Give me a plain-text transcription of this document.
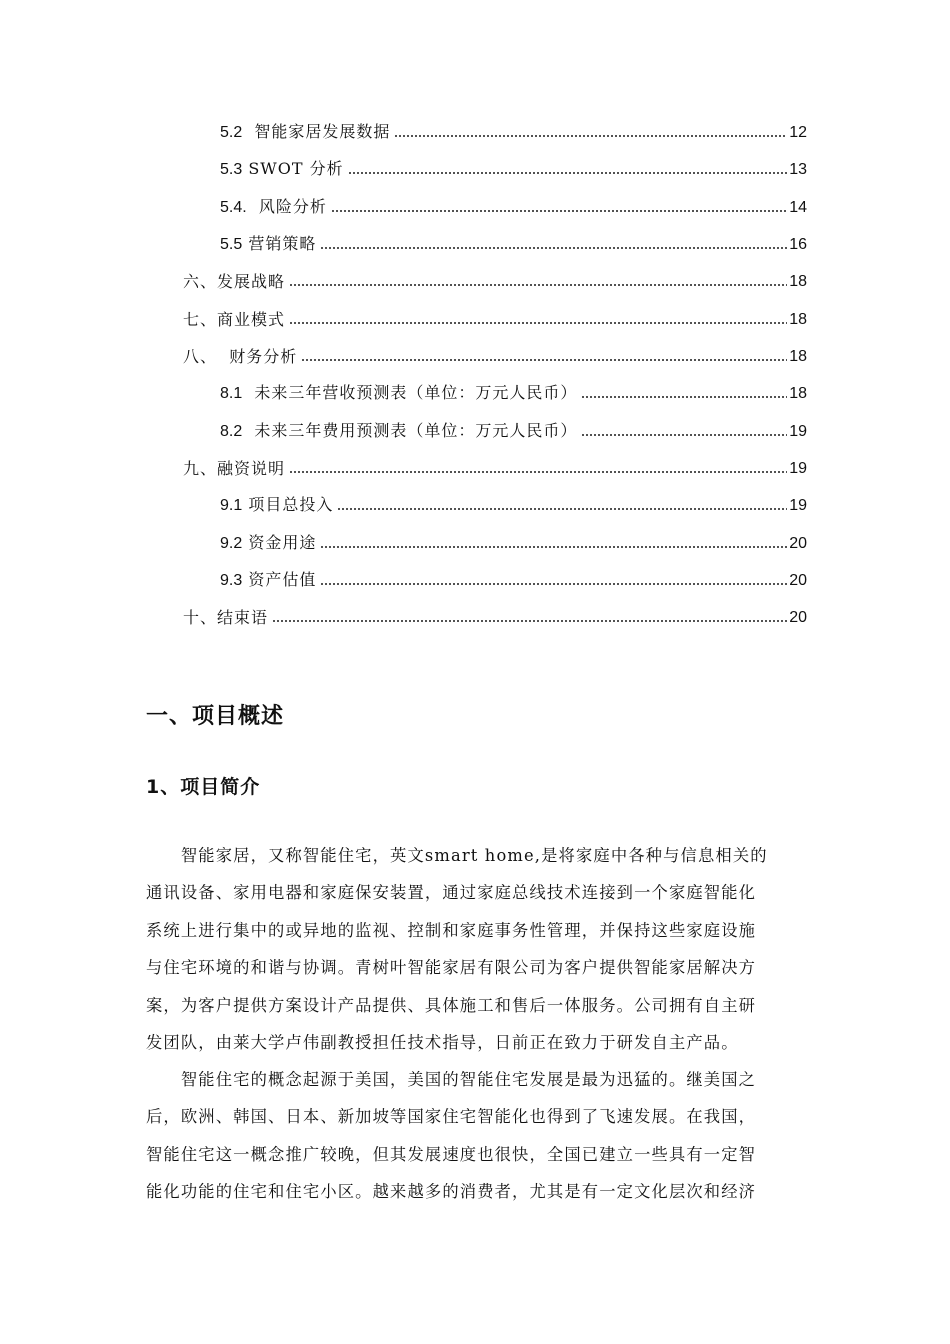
5.2 智能家居发展数据	12
5.3 SWOT 分析	13
5.4. 风险分析	14
5.5 营销策略	16
六、发展战略	18
七、商业模式	18
八、 财务分析	18
8.1 未来三年营收预测表（单位：万元人民币）	18
8.2 未来三年费用预测表（单位：万元人民币）	19
九、融资说明	19
9.1 项目总投入	19
9.2 资金用途	20
9.3 资产估值	20
十、结束语	20
一、项目概述
1、项目简介
　　智能家居，又称智能住宅，英文smart home,是将家庭中各种与信息相关的
通讯设备、家用电器和家庭保安装置，通过家庭总线技术连接到一个家庭智能化
系统上进行集中的或异地的监视、控制和家庭事务性管理，并保持这些家庭设施
与住宅环境的和谐与协调。青树叶智能家居有限公司为客户提供智能家居解决方
案，为客户提供方案设计产品提供、具体施工和售后一体服务。公司拥有自主研
发团队，由莱大学卢伟副教授担任技术指导，日前正在致力于研发自主产品。
　　智能住宅的概念起源于美国，美国的智能住宅发展是最为迅猛的。继美国之
后，欧洲、韩国、日本、新加坡等国家住宅智能化也得到了飞速发展。在我国，
智能住宅这一概念推广较晚，但其发展速度也很快，全国已建立一些具有一定智
能化功能的住宅和住宅小区。越来越多的消费者，尤其是有一定文化层次和经济
